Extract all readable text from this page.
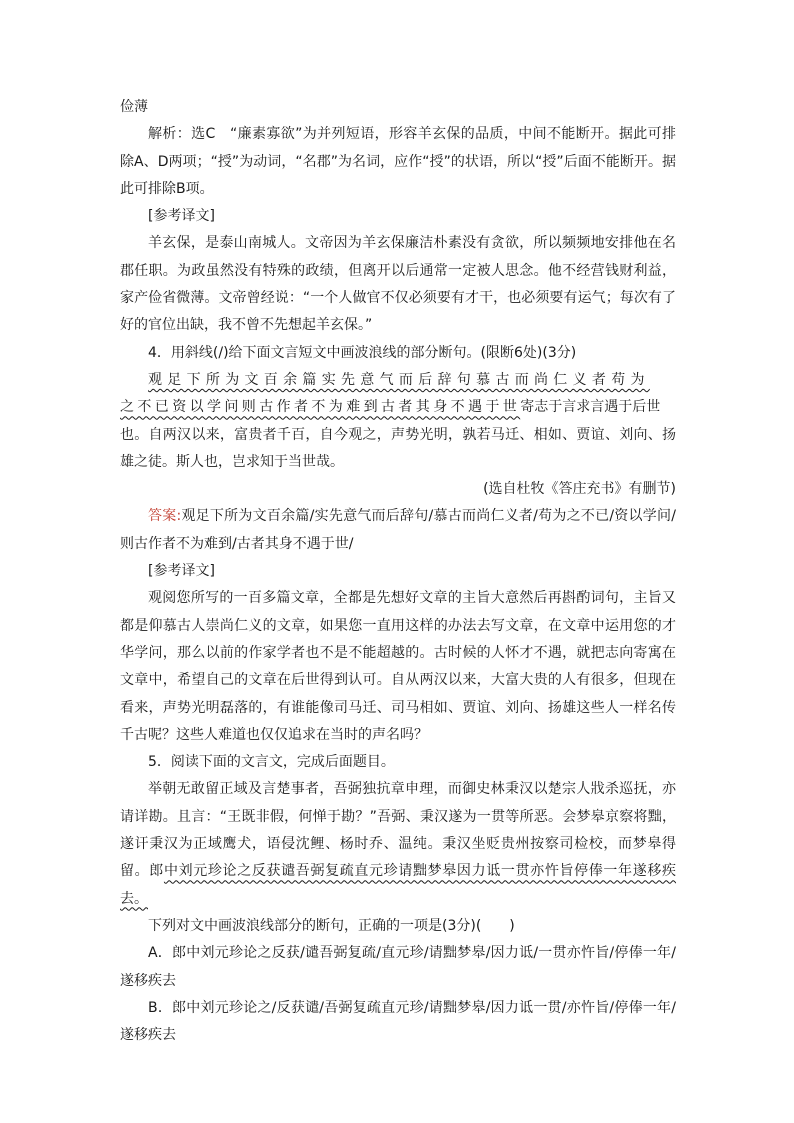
俭薄

解析：选C　“廉素寡欲”为并列短语，形容羊玄保的品质，中间不能断开。据此可排除A、D两项；“授”为动词，“名郡”为名词，应作“授”的状语，所以“授”后面不能断开。据此可排除B项。

[参考译文]

羊玄保，是泰山南城人。文帝因为羊玄保廉洁朴素没有贪欲，所以频频地安排他在名郡任职。为政虽然没有特殊的政绩，但离开以后通常一定被人思念。他不经营钱财利益，家产俭省微薄。文帝曾经说：“一个人做官不仅必须要有才干，也必须要有运气；每次有了好的官位出缺，我不曾不先想起羊玄保。”

4．用斜线(/)给下面文言短文中画波浪线的部分断句。(限断6处)(3分)

观足下所为文百余篇实先意气而后辞句慕古而尚仁义者苟为

之不已资以学问则古作者不为难到古者其身不遇于世寄志于言求言遇于后世

也。自两汉以来，富贵者千百，自今观之，声势光明，孰若马迁、相如、贾谊、刘向、扬雄之徒。斯人也，岂求知于当世哉。

(选自杜牧《答庄充书》有删节)

答案:观足下所为文百余篇/实先意气而后辞句/慕古而尚仁义者/苟为之不已/资以学问/则古作者不为难到/古者其身不遇于世/

[参考译文]

观阅您所写的一百多篇文章，全都是先想好文章的主旨大意然后再斟酌词句，主旨又都是仰慕古人崇尚仁义的文章，如果您一直用这样的办法去写文章，在文章中运用您的才华学问，那么以前的作家学者也不是不能超越的。古时候的人怀才不遇，就把志向寄寓在文章中，希望自己的文章在后世得到认可。自从两汉以来，大富大贵的人有很多，但现在看来，声势光明磊落的，有谁能像司马迁、司马相如、贾谊、刘向、扬雄这些人一样名传千古呢？这些人难道也仅仅追求在当时的声名吗？

5．阅读下面的文言文，完成后面题目。

举朝无敢留正域及言楚事者，吾弼独抗章申理，而御史林秉汉以楚宗人戕杀巡抚，亦请详勘。且言：“王既非假，何惮于勘？”吾弼、秉汉遂为一贯等所恶。会梦皋京察将黜，遂讦秉汉为正域鹰犬，语侵沈鲤、杨时乔、温纯。秉汉坐贬贵州按察司检校，而梦皋得留。郎中刘元珍论之反获谴吾弼复疏直元珍请黜梦皋因力诋一贯亦忤旨停俸一年遂移疾去。

下列对文中画波浪线部分的断句，正确的一项是(3分)(　　)

A．郎中刘元珍论之反获/谴吾弼复疏/直元珍/请黜梦皋/因力诋/一贯亦忤旨/停俸一年/遂移疾去

B．郎中刘元珍论之/反获谴/吾弼复疏直元珍/请黜梦皋/因力诋一贯/亦忤旨/停俸一年/遂移疾去
